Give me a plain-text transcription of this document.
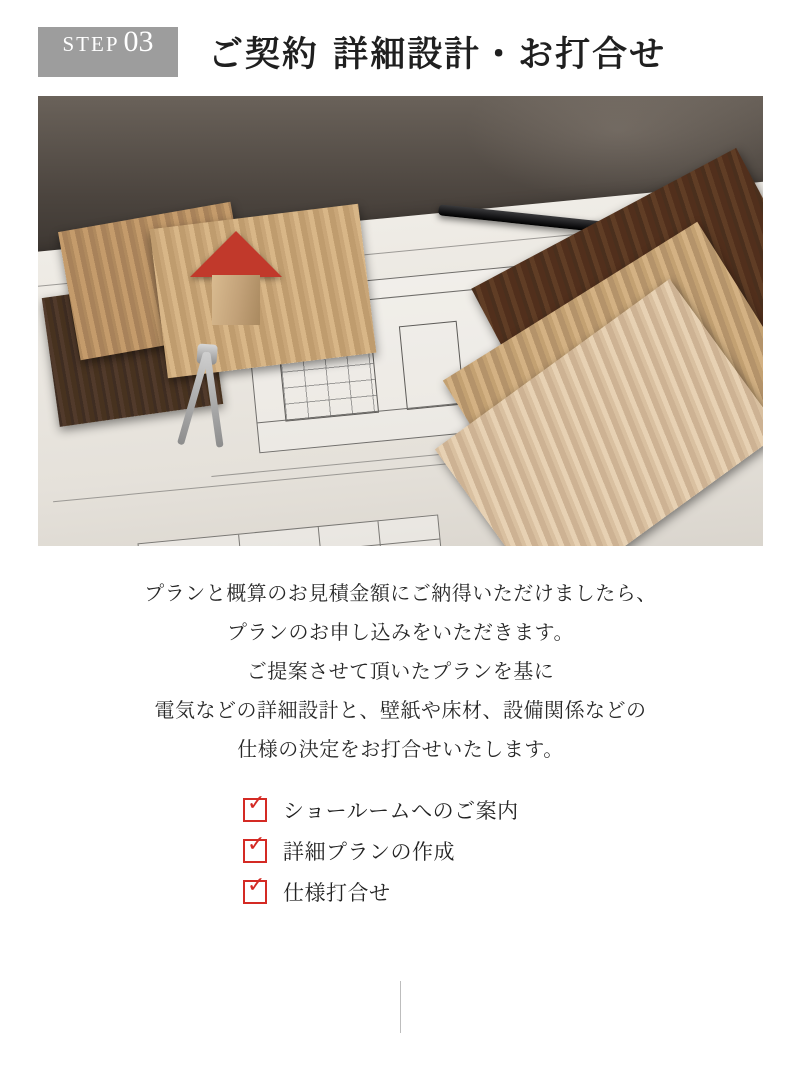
STEP 03 ご契約 詳細設計・お打合せ

プランと概算のお見積金額にご納得いただけましたら、

プランのお申し込みをいただきます。

ご提案させて頂いたプランを基に

電気などの詳細設計と、壁紙や床材、設備関係などの

仕様の決定をお打合せいたします。

✓ ショールームへのご案内
✓ 詳細プランの作成
✓ 仕様打合せ
